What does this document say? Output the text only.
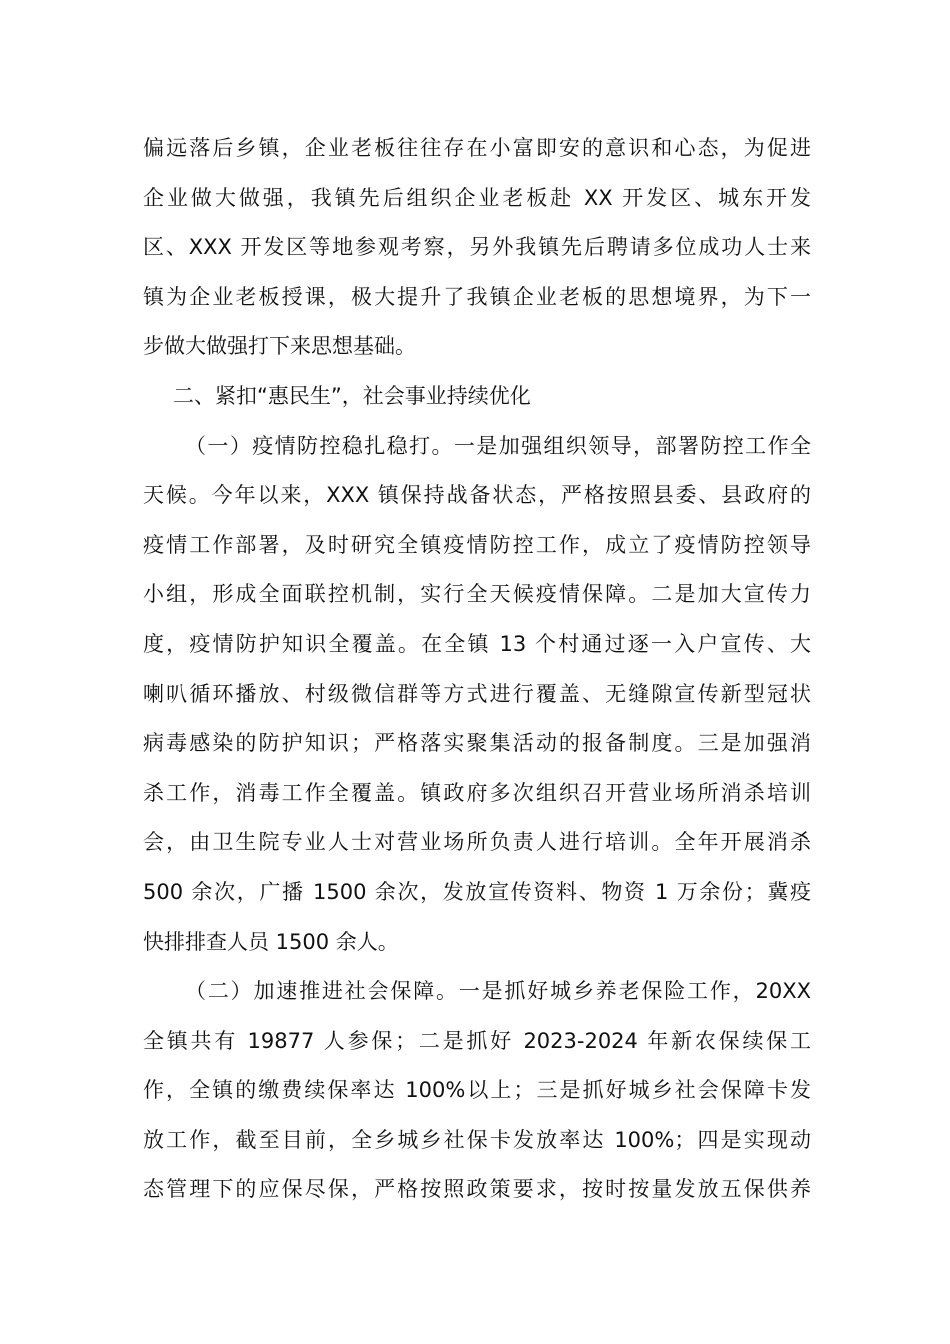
偏远落后乡镇，企业老板往往存在小富即安的意识和心态，为促进
企业做大做强，我镇先后组织企业老板赴 XX 开发区、城东开发
区、XXX 开发区等地参观考察，另外我镇先后聘请多位成功人士来
镇为企业老板授课，极大提升了我镇企业老板的思想境界，为下一
步做大做强打下来思想基础。
二、紧扣“惠民生”，社会事业持续优化
（一）疫情防控稳扎稳打。一是加强组织领导，部署防控工作全
天候。今年以来，XXX 镇保持战备状态，严格按照县委、县政府的
疫情工作部署，及时研究全镇疫情防控工作，成立了疫情防控领导
小组，形成全面联控机制，实行全天候疫情保障。二是加大宣传力
度，疫情防护知识全覆盖。在全镇 13 个村通过逐一入户宣传、大
喇叭循环播放、村级微信群等方式进行覆盖、无缝隙宣传新型冠状
病毒感染的防护知识；严格落实聚集活动的报备制度。三是加强消
杀工作，消毒工作全覆盖。镇政府多次组织召开营业场所消杀培训
会，由卫生院专业人士对营业场所负责人进行培训。全年开展消杀
500 余次，广播 1500 余次，发放宣传资料、物资 1 万余份；冀疫
快排排查人员 1500 余人。
（二）加速推进社会保障。一是抓好城乡养老保险工作，20XX
全镇共有 19877 人参保；二是抓好 2023-2024 年新农保续保工
作，全镇的缴费续保率达 100%以上；三是抓好城乡社会保障卡发
放工作，截至目前，全乡城乡社保卡发放率达 100%；四是实现动
态管理下的应保尽保，严格按照政策要求，按时按量发放五保供养
